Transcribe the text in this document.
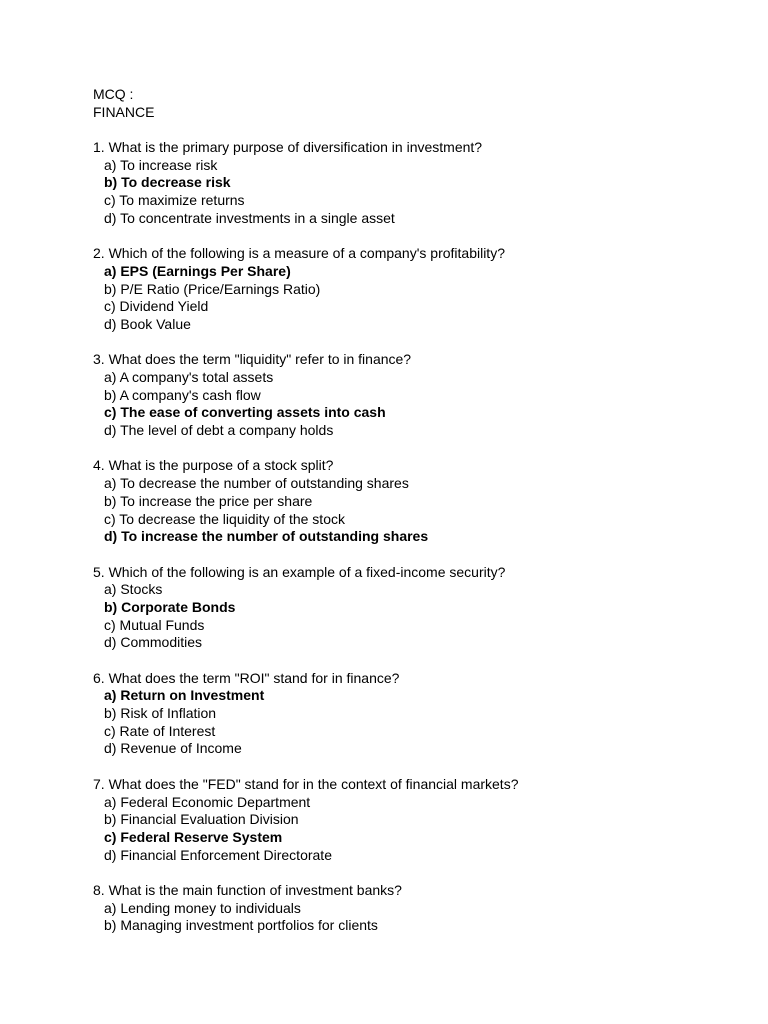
MCQ :
FINANCE
1. What is the primary purpose of diversification in investment?
a) To increase risk
b) To decrease risk
c) To maximize returns
d) To concentrate investments in a single asset
2. Which of the following is a measure of a company's profitability?
a) EPS (Earnings Per Share)
b) P/E Ratio (Price/Earnings Ratio)
c) Dividend Yield
d) Book Value
3. What does the term "liquidity" refer to in finance?
a) A company's total assets
b) A company's cash flow
c) The ease of converting assets into cash
d) The level of debt a company holds
4. What is the purpose of a stock split?
a) To decrease the number of outstanding shares
b) To increase the price per share
c) To decrease the liquidity of the stock
d) To increase the number of outstanding shares
5. Which of the following is an example of a fixed-income security?
a) Stocks
b) Corporate Bonds
c) Mutual Funds
d) Commodities
6. What does the term "ROI" stand for in finance?
a) Return on Investment
b) Risk of Inflation
c) Rate of Interest
d) Revenue of Income
7. What does the "FED" stand for in the context of financial markets?
a) Federal Economic Department
b) Financial Evaluation Division
c) Federal Reserve System
d) Financial Enforcement Directorate
8. What is the main function of investment banks?
a) Lending money to individuals
b) Managing investment portfolios for clients
